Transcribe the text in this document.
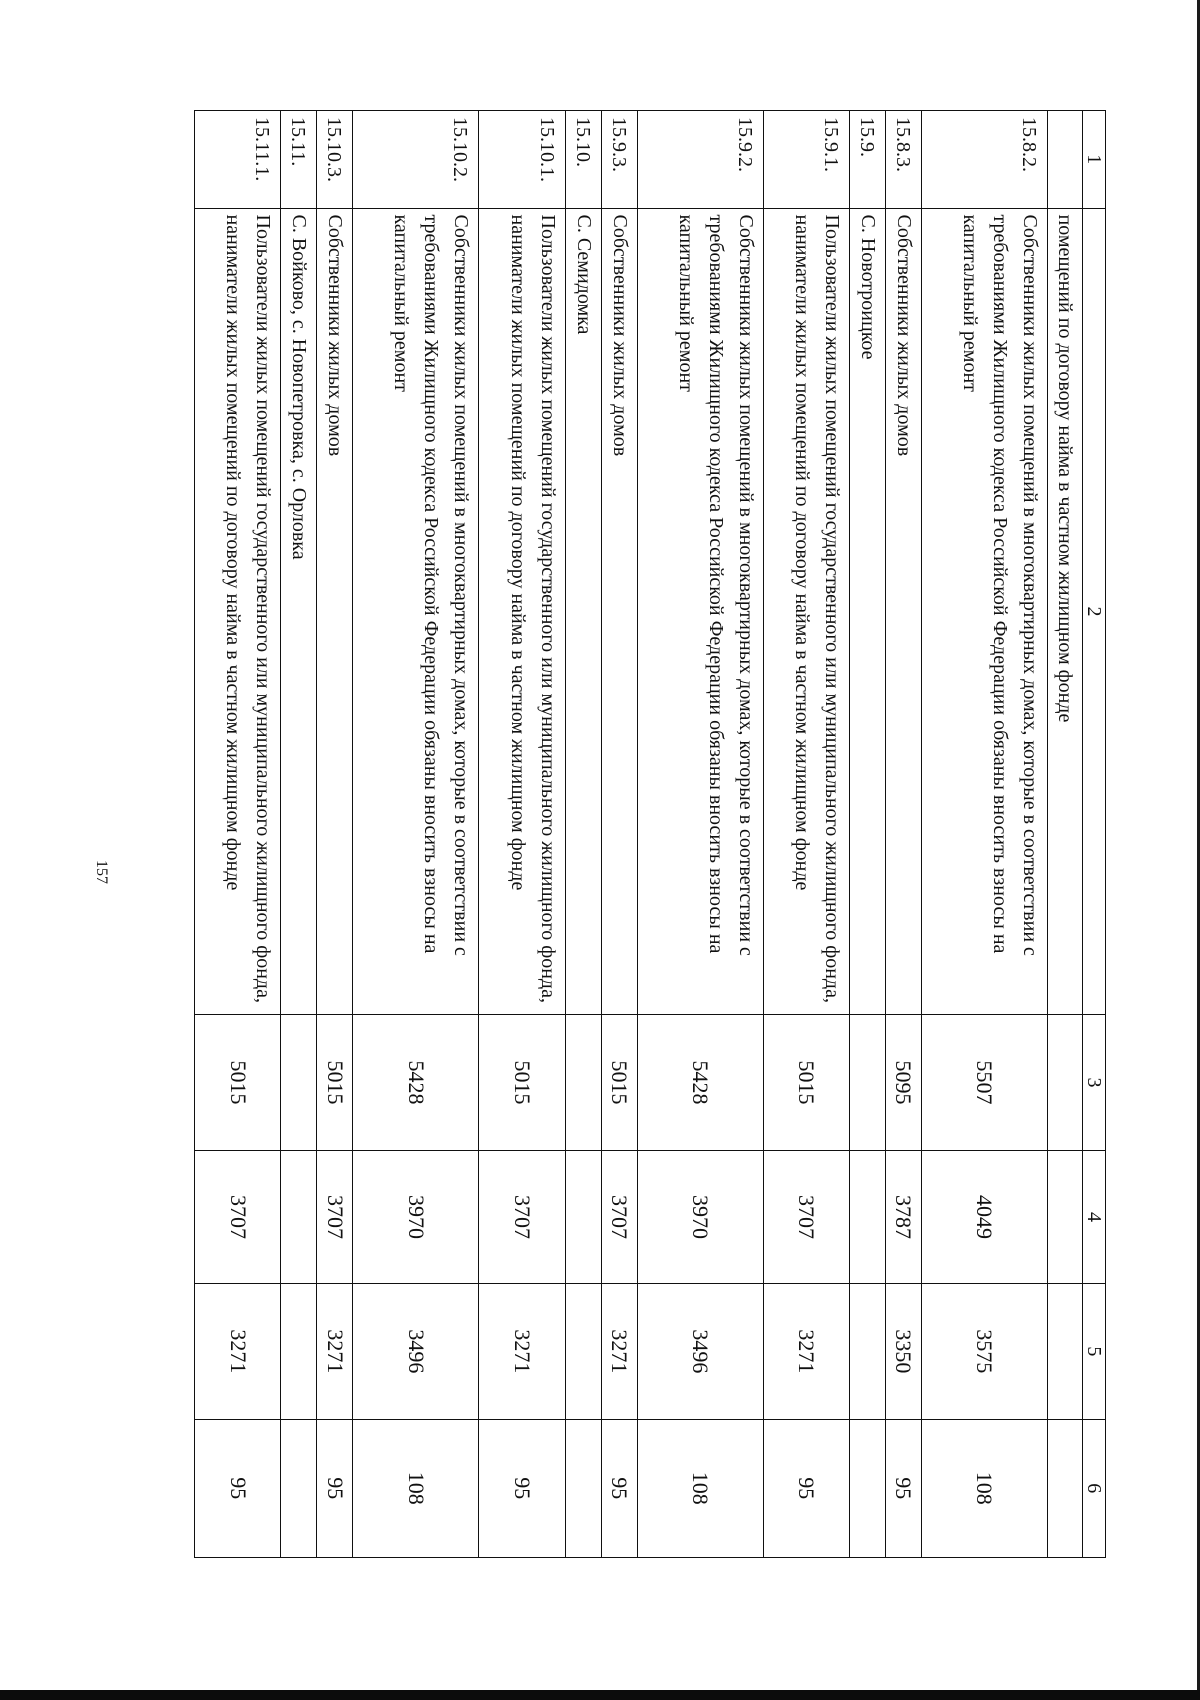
157
1	2	3	4	5	6
	помещений по договору найма в частном жилищном фонде				
15.8.2.	Собственники жилых помещений в многоквартирных домах, которые в соответствии с требованиями Жилищного кодекса Российской Федерации обязаны вносить взносы на капитальный ремонт	5507	4049	3575	108
15.8.3.	Собственники жилых домов	5095	3787	3350	95
15.9.	С. Новотроицкое				
15.9.1.	Пользователи жилых помещений государственного или муниципального жилищного фонда, наниматели жилых помещений по договору найма в частном жилищном фонде	5015	3707	3271	95
15.9.2.	Собственники жилых помещений в многоквартирных домах, которые в соответствии с требованиями Жилищного кодекса Российской Федерации обязаны вносить взносы на капитальный ремонт	5428	3970	3496	108
15.9.3.	Собственники жилых домов	5015	3707	3271	95
15.10.	С. Семидомка				
15.10.1.	Пользователи жилых помещений государственного или муниципального жилищного фонда, наниматели жилых помещений по договору найма в частном жилищном фонде	5015	3707	3271	95
15.10.2.	Собственники жилых помещений в многоквартирных домах, которые в соответствии с требованиями Жилищного кодекса Российской Федерации обязаны вносить взносы на капитальный ремонт	5428	3970	3496	108
15.10.3.	Собственники жилых домов	5015	3707	3271	95
15.11.	С. Войково, с. Новопетровка, с. Орловка				
15.11.1.	Пользователи жилых помещений государственного или муниципального жилищного фонда, наниматели жилых помещений по договору найма в частном жилищном фонде	5015	3707	3271	95
